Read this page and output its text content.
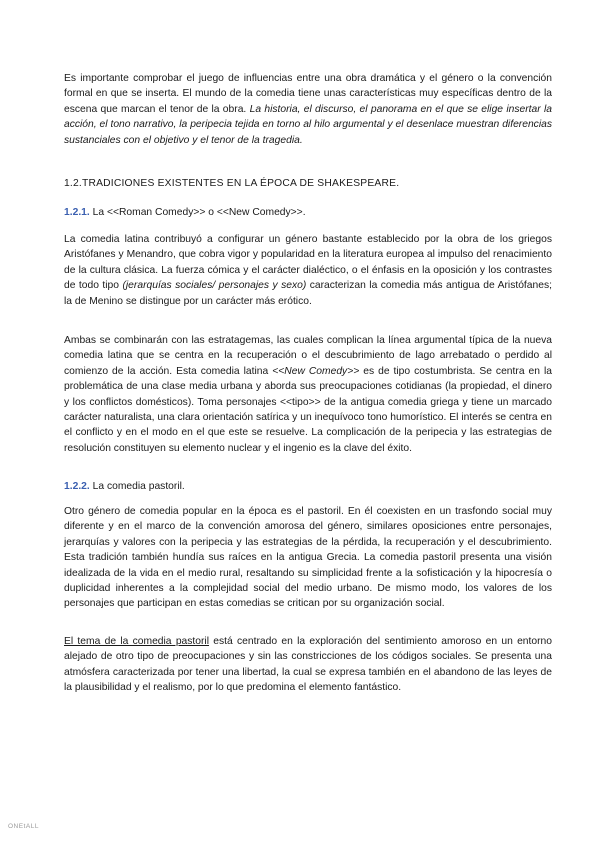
Es importante comprobar el juego de influencias entre una obra dramática y el género o la convención formal en que se inserta. El mundo de la comedia tiene unas características muy específicas dentro de la escena que marcan el tenor de la obra. La historia, el discurso, el panorama en el que se elige insertar la acción, el tono narrativo, la peripecia tejida en torno al hilo argumental y el desenlace muestran diferencias sustanciales con el objetivo y el tenor de la tragedia.

1.2.TRADICIONES EXISTENTES EN LA ÉPOCA DE SHAKESPEARE.

1.2.1. La <<Roman Comedy>> o <<New Comedy>>.

La comedia latina contribuyó a configurar un género bastante establecido por la obra de los griegos Aristófanes y Menandro, que cobra vigor y popularidad en la literatura europea al impulso del renacimiento de la cultura clásica. La fuerza cómica y el carácter dialéctico, o el énfasis en la oposición y los contrastes de todo tipo (jerarquías sociales/ personajes y sexo) caracterizan la comedia más antigua de Aristófanes; la de Menino se distingue por un carácter más erótico.

Ambas se combinarán con las estratagemas, las cuales complican la línea argumental típica de la nueva comedia latina que se centra en la recuperación o el descubrimiento de lago arrebatado o perdido al comienzo de la acción. Esta comedia latina <<New Comedy>> es de tipo costumbrista. Se centra en la problemática de una clase media urbana y aborda sus preocupaciones cotidianas (la propiedad, el dinero y los conflictos domésticos). Toma personajes <<tipo>> de la antigua comedia griega y tiene un marcado carácter naturalista, una clara orientación satírica y un inequívoco tono humorístico. El interés se centra en el conflicto y en el modo en el que este se resuelve. La complicación de la peripecia y las estrategias de resolución constituyen su elemento nuclear y el ingenio es la clave del éxito.

1.2.2. La comedia pastoril.

Otro género de comedia popular en la época es el pastoril. En él coexisten en un trasfondo social muy diferente y en el marco de la convención amorosa del género, similares oposiciones entre personajes, jerarquías y valores con la peripecia y las estrategias de la pérdida, la recuperación y el descubrimiento. Esta tradición también hundía sus raíces en la antigua Grecia. La comedia pastoril presenta una visión idealizada de la vida en el medio rural, resaltando su simplicidad frente a la sofisticación y la hipocresía o duplicidad inherentes a la complejidad social del medio urbano. De mismo modo, los valores de los personajes que participan en estas comedias se critican por su organización social.

El tema de la comedia pastoril está centrado en la exploración del sentimiento amoroso en un entorno alejado de otro tipo de preocupaciones y sin las constricciones de los códigos sociales. Se presenta una atmósfera caracterizada por tener una libertad, la cual se expresa también en el abandono de las leyes de la plausibilidad y el realismo, por lo que predomina el elemento fantástico.

ONEtALL
